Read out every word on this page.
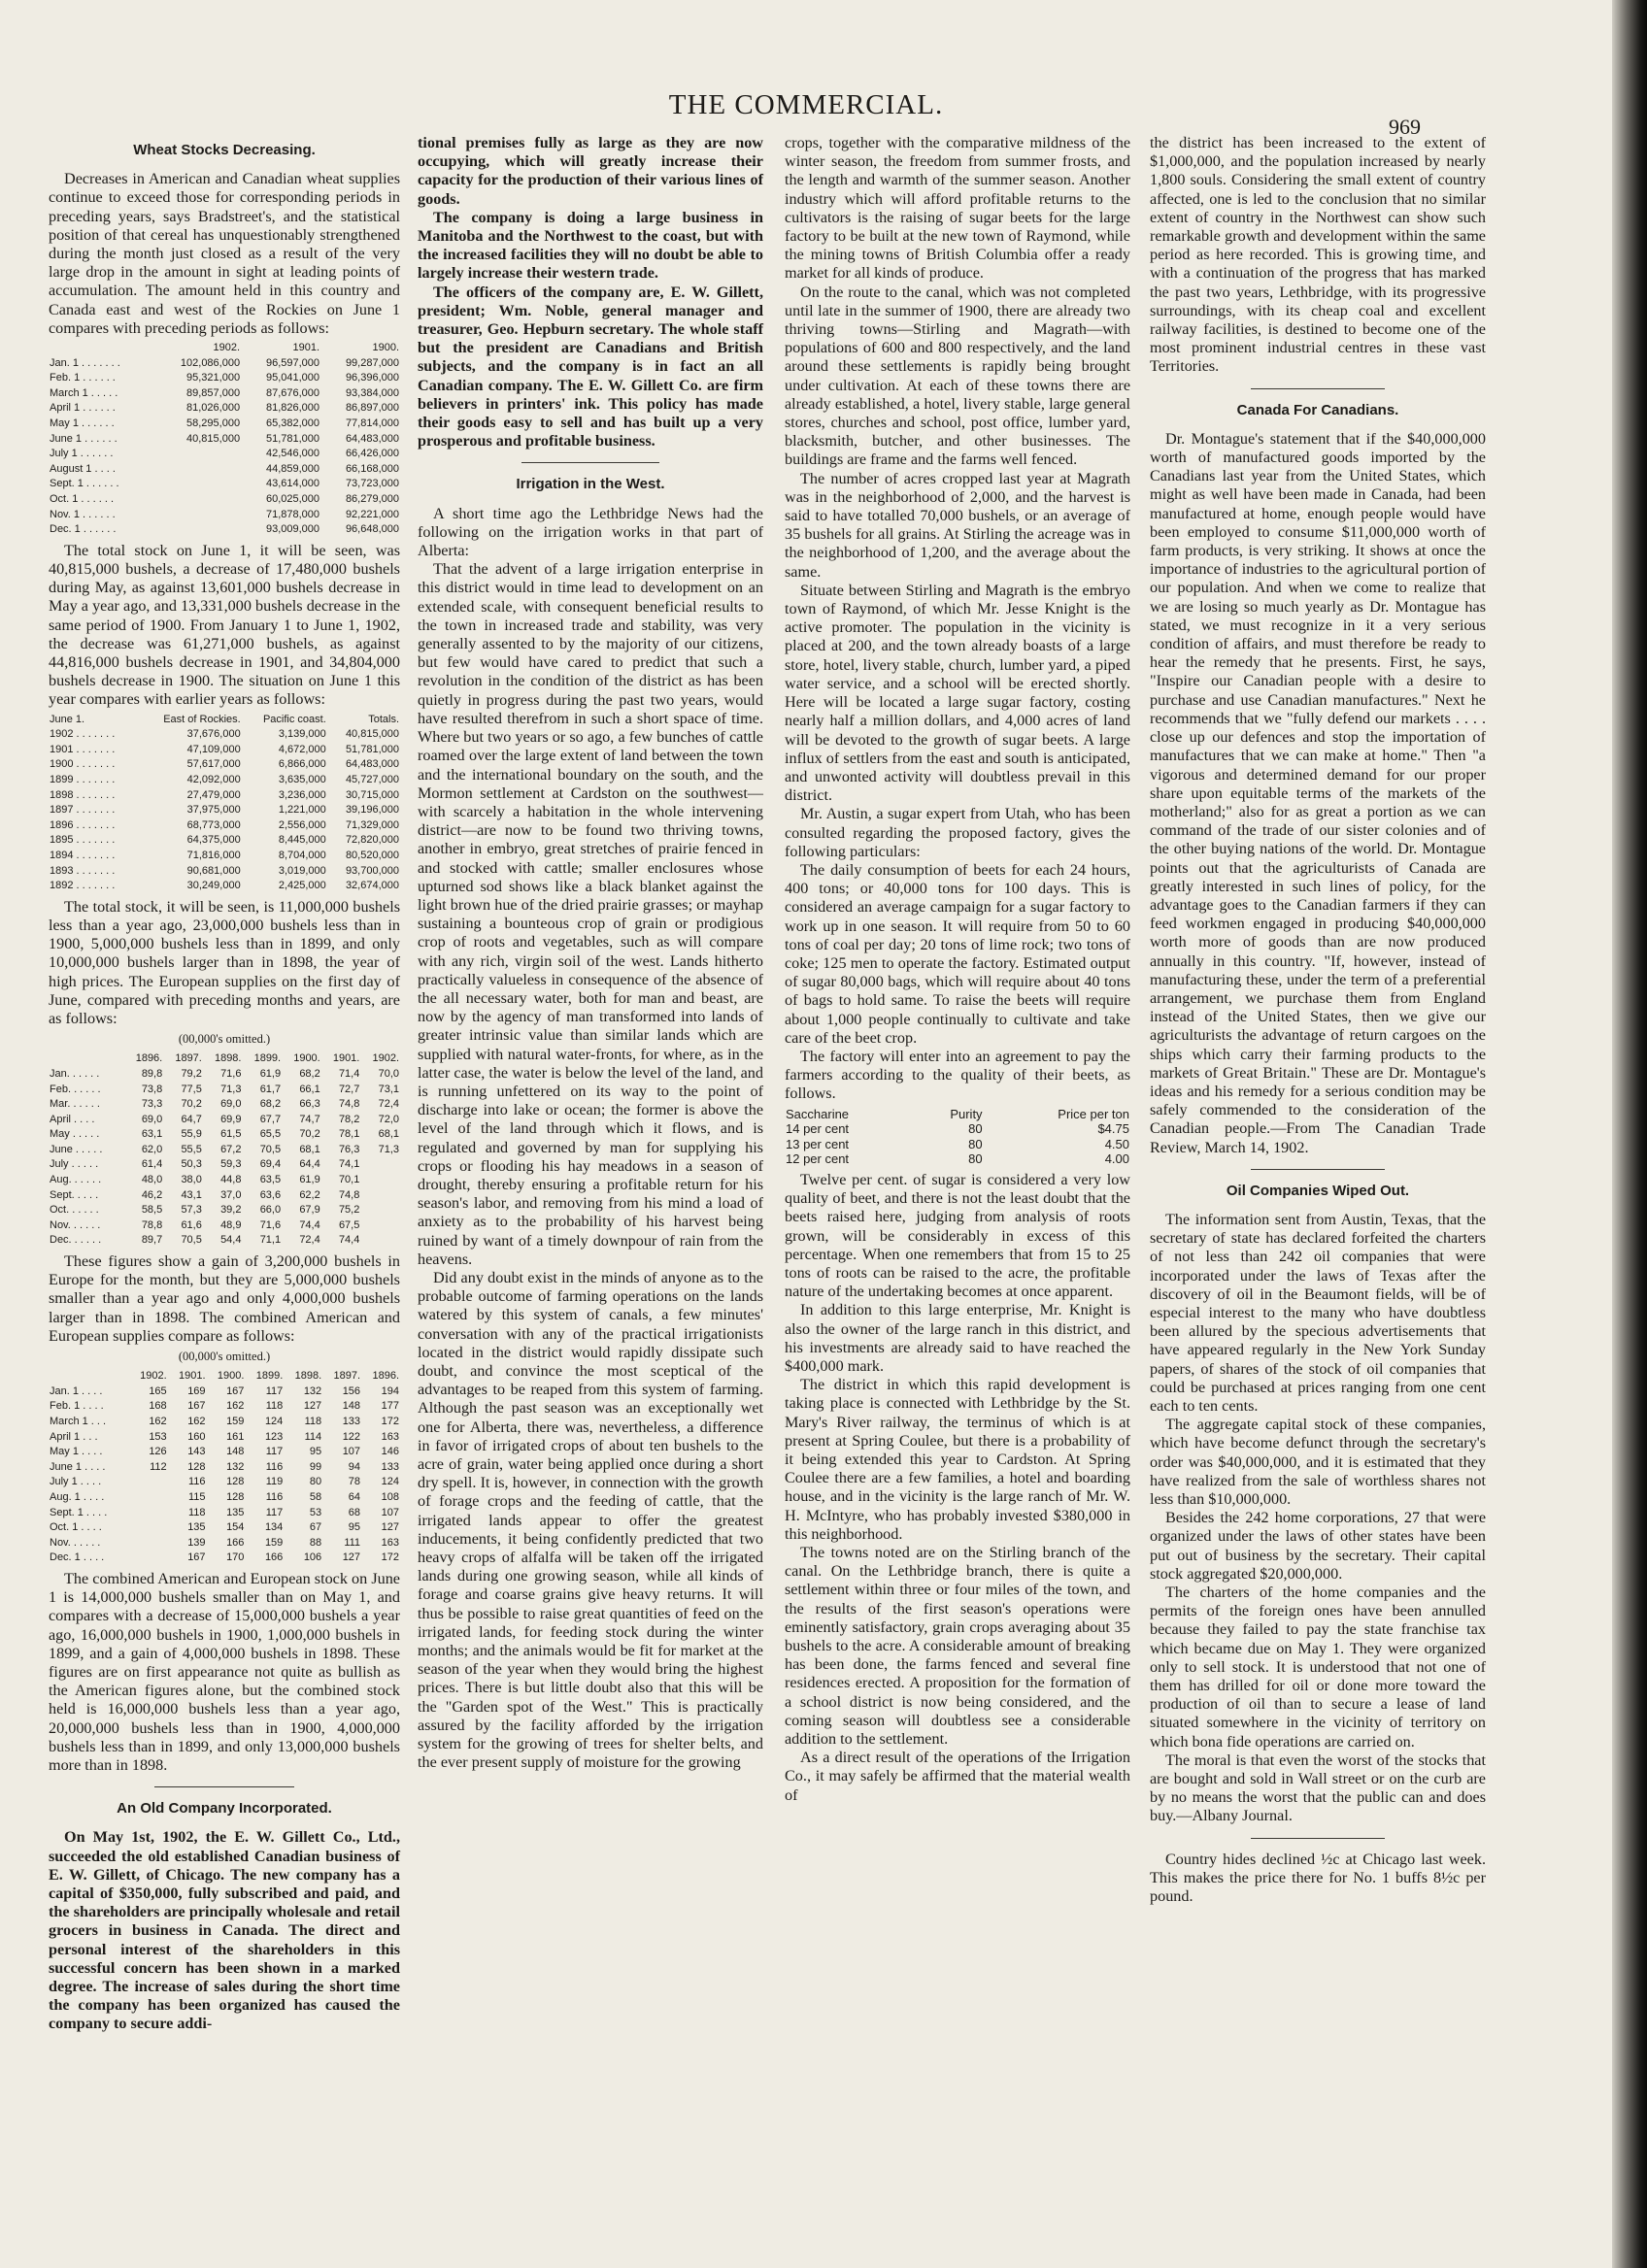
THE COMMERCIAL.
969
Wheat Stocks Decreasing.

Decreases in American and Canadian wheat supplies continue to exceed those for corresponding periods in preceding years, says Bradstreet's, and the statistical position of that cereal has unquestionably strengthened during the month just closed as a result of the very large drop in the amount in sight at leading points of accumulation. The amount held in this country and Canada east and west of the Rockies on June 1 compares with preceding periods as follows:

	1902.	1901.	1900.
Jan. 1 . . . . . . .	102,086,000	96,597,000	99,287,000
Feb. 1 . . . . . .	95,321,000	95,041,000	96,396,000
March 1 . . . . .	89,857,000	87,676,000	93,384,000
April 1 . . . . . .	81,026,000	81,826,000	86,897,000
May 1 . . . . . .	58,295,000	65,382,000	77,814,000
June 1 . . . . . .	40,815,000	51,781,000	64,483,000
July 1 . . . . . .		42,546,000	66,426,000
August 1 . . . .		44,859,000	66,168,000
Sept. 1 . . . . . .		43,614,000	73,723,000
Oct. 1 . . . . . .		60,025,000	86,279,000
Nov. 1 . . . . . .		71,878,000	92,221,000
Dec. 1 . . . . . .		93,009,000	96,648,000

The total stock on June 1, it will be seen, was 40,815,000 bushels, a decrease of 17,480,000 bushels during May, as against 13,601,000 bushels decrease in May a year ago, and 13,331,000 bushels decrease in the same period of 1900. From January 1 to June 1, 1902, the decrease was 61,271,000 bushels, as against 44,816,000 bushels decrease in 1901, and 34,804,000 bushels decrease in 1900. The situation on June 1 this year compares with earlier years as follows:

June 1.	East of Rockies.	Pacific coast.	Totals.
1902 . . . . . . .	37,676,000	3,139,000	40,815,000
1901 . . . . . . .	47,109,000	4,672,000	51,781,000
1900 . . . . . . .	57,617,000	6,866,000	64,483,000
1899 . . . . . . .	42,092,000	3,635,000	45,727,000
1898 . . . . . . .	27,479,000	3,236,000	30,715,000
1897 . . . . . . .	37,975,000	1,221,000	39,196,000
1896 . . . . . . .	68,773,000	2,556,000	71,329,000
1895 . . . . . . .	64,375,000	8,445,000	72,820,000
1894 . . . . . . .	71,816,000	8,704,000	80,520,000
1893 . . . . . . .	90,681,000	3,019,000	93,700,000
1892 . . . . . . .	30,249,000	2,425,000	32,674,000

The total stock, it will be seen, is 11,000,000 bushels less than a year ago, 23,000,000 bushels less than in 1900, 5,000,000 bushels less than in 1899, and only 10,000,000 bushels larger than in 1898, the year of high prices. The European supplies on the first day of June, compared with preceding months and years, are as follows:

(00,000's omitted.)
	1896.	1897.	1898.	1899.	1900.	1901.	1902.
Jan. . . . . .	89,8	79,2	71,6	61,9	68,2	71,4	70,0
Feb. . . . . .	73,8	77,5	71,3	61,7	66,1	72,7	73,1
Mar. . . . . .	73,3	70,2	69,0	68,2	66,3	74,8	72,4
April . . . .	69,0	64,7	69,9	67,7	74,7	78,2	72,0
May . . . . .	63,1	55,9	61,5	65,5	70,2	78,1	68,1
June . . . . .	62,0	55,5	67,2	70,5	68,1	76,3	71,3
July . . . . .	61,4	50,3	59,3	69,4	64,4	74,1	
Aug. . . . . .	48,0	38,0	44,8	63,5	61,9	70,1	
Sept. . . . .	46,2	43,1	37,0	63,6	62,2	74,8	
Oct. . . . . .	58,5	57,3	39,2	66,0	67,9	75,2	
Nov. . . . . .	78,8	61,6	48,9	71,6	74,4	67,5	
Dec. . . . . .	89,7	70,5	54,4	71,1	72,4	74,4	

These figures show a gain of 3,200,000 bushels in Europe for the month, but they are 5,000,000 bushels smaller than a year ago and only 4,000,000 bushels larger than in 1898. The combined American and European supplies compare as follows:

(00,000's omitted.)
	1902.	1901.	1900.	1899.	1898.	1897.	1896.
Jan. 1 . . . .	165	169	167	117	132	156	194
Feb. 1 . . . .	168	167	162	118	127	148	177
March 1 . . .	162	162	159	124	118	133	172
April 1 . . .	153	160	161	123	114	122	163
May 1 . . . .	126	143	148	117	95	107	146
June 1 . . . .	112	128	132	116	99	94	133
July 1 . . . .		116	128	119	80	78	124
Aug. 1 . . . .		115	128	116	58	64	108
Sept. 1 . . . .		118	135	117	53	68	107
Oct. 1 . . . .		135	154	134	67	95	127
Nov. . . . . .		139	166	159	88	111	163
Dec. 1 . . . .		167	170	166	106	127	172

The combined American and European stock on June 1 is 14,000,000 bushels smaller than on May 1, and compares with a decrease of 15,000,000 bushels a year ago, 16,000,000 bushels in 1900, 1,000,000 bushels in 1899, and a gain of 4,000,000 bushels in 1898. These figures are on first appearance not quite as bullish as the American figures alone, but the combined stock held is 16,000,000 bushels less than a year ago, 20,000,000 bushels less than in 1900, 4,000,000 bushels less than in 1899, and only 13,000,000 bushels more than in 1898.

An Old Company Incorporated.

On May 1st, 1902, the E. W. Gillett Co., Ltd., succeeded the old established Canadian business of E. W. Gillett, of Chicago. The new company has a capital of $350,000, fully subscribed and paid, and the shareholders are principally wholesale and retail grocers in business in Canada. The direct and personal interest of the shareholders in this successful concern has been shown in a marked degree. The increase of sales during the short time the company has been organized has caused the company to secure addi-

tional premises fully as large as they are now occupying, which will greatly increase their capacity for the production of their various lines of goods.

The company is doing a large business in Manitoba and the Northwest to the coast, but with the increased facilities they will no doubt be able to largely increase their western trade.

The officers of the company are, E. W. Gillett, president; Wm. Noble, general manager and treasurer, Geo. Hepburn secretary. The whole staff but the president are Canadians and British subjects, and the company is in fact an all Canadian company. The E. W. Gillett Co. are firm believers in printers' ink. This policy has made their goods easy to sell and has built up a very prosperous and profitable business.

Irrigation in the West.

A short time ago the Lethbridge News had the following on the irrigation works in that part of Alberta:

That the advent of a large irrigation enterprise in this district would in time lead to development on an extended scale, with consequent beneficial results to the town in increased trade and stability, was very generally assented to by the majority of our citizens, but few would have cared to predict that such a revolution in the condition of the district as has been quietly in progress during the past two years, would have resulted therefrom in such a short space of time. Where but two years or so ago, a few bunches of cattle roamed over the large extent of land between the town and the international boundary on the south, and the Mormon settlement at Cardston on the southwest—with scarcely a habitation in the whole intervening district—are now to be found two thriving towns, another in embryo, great stretches of prairie fenced in and stocked with cattle; smaller enclosures whose upturned sod shows like a black blanket against the light brown hue of the dried prairie grasses; or mayhap sustaining a bounteous crop of grain or prodigious crop of roots and vegetables, such as will compare with any rich, virgin soil of the west. Lands hitherto practically valueless in consequence of the absence of the all necessary water, both for man and beast, are now by the agency of man transformed into lands of greater intrinsic value than similar lands which are supplied with natural water-fronts, for where, as in the latter case, the water is below the level of the land, and is running unfettered on its way to the point of discharge into lake or ocean; the former is above the level of the land through which it flows, and is regulated and governed by man for supplying his crops or flooding his hay meadows in a season of drought, thereby ensuring a profitable return for his season's labor, and removing from his mind a load of anxiety as to the probability of his harvest being ruined by want of a timely downpour of rain from the heavens.

Did any doubt exist in the minds of anyone as to the probable outcome of farming operations on the lands watered by this system of canals, a few minutes' conversation with any of the practical irrigationists located in the district would rapidly dissipate such doubt, and convince the most sceptical of the advantages to be reaped from this system of farming. Although the past season was an exceptionally wet one for Alberta, there was, nevertheless, a difference in favor of irrigated crops of about ten bushels to the acre of grain, water being applied once during a short dry spell. It is, however, in connection with the growth of forage crops and the feeding of cattle, that the irrigated lands appear to offer the greatest inducements, it being confidently predicted that two heavy crops of alfalfa will be taken off the irrigated lands during one growing season, while all kinds of forage and coarse grains give heavy returns. It will thus be possible to raise great quantities of feed on the irrigated lands, for feeding stock during the winter months; and the animals would be fit for market at the season of the year when they would bring the highest prices. There is but little doubt also that this will be the "Garden spot of the West." This is practically assured by the facility afforded by the irrigation system for the growing of trees for shelter belts, and the ever present supply of moisture for the growing

crops, together with the comparative mildness of the winter season, the freedom from summer frosts, and the length and warmth of the summer season. Another industry which will afford profitable returns to the cultivators is the raising of sugar beets for the large factory to be built at the new town of Raymond, while the mining towns of British Columbia offer a ready market for all kinds of produce.

On the route to the canal, which was not completed until late in the summer of 1900, there are already two thriving towns—Stirling and Magrath—with populations of 600 and 800 respectively, and the land around these settlements is rapidly being brought under cultivation. At each of these towns there are already established, a hotel, livery stable, large general stores, churches and school, post office, lumber yard, blacksmith, butcher, and other businesses. The buildings are frame and the farms well fenced.

The number of acres cropped last year at Magrath was in the neighborhood of 2,000, and the harvest is said to have totalled 70,000 bushels, or an average of 35 bushels for all grains. At Stirling the acreage was in the neighborhood of 1,200, and the average about the same.

Situate between Stirling and Magrath is the embryo town of Raymond, of which Mr. Jesse Knight is the active promoter. The population in the vicinity is placed at 200, and the town already boasts of a large store, hotel, livery stable, church, lumber yard, a piped water service, and a school will be erected shortly. Here will be located a large sugar factory, costing nearly half a million dollars, and 4,000 acres of land will be devoted to the growth of sugar beets. A large influx of settlers from the east and south is anticipated, and unwonted activity will doubtless prevail in this district.

Mr. Austin, a sugar expert from Utah, who has been consulted regarding the proposed factory, gives the following particulars:

The daily consumption of beets for each 24 hours, 400 tons; or 40,000 tons for 100 days. This is considered an average campaign for a sugar factory to work up in one season. It will require from 50 to 60 tons of coal per day; 20 tons of lime rock; two tons of coke; 125 men to operate the factory. Estimated output of sugar 80,000 bags, which will require about 40 tons of bags to hold same. To raise the beets will require about 1,000 people continually to cultivate and take care of the beet crop.

The factory will enter into an agreement to pay the farmers according to the quality of their beets, as follows.

Saccharine	Purity	Price per ton
14 per cent	80	$4.75
13 per cent	80	4.50
12 per cent	80	4.00

Twelve per cent. of sugar is considered a very low quality of beet, and there is not the least doubt that the beets raised here, judging from analysis of roots grown, will be considerably in excess of this percentage. When one remembers that from 15 to 25 tons of roots can be raised to the acre, the profitable nature of the undertaking becomes at once apparent.

In addition to this large enterprise, Mr. Knight is also the owner of the large ranch in this district, and his investments are already said to have reached the $400,000 mark.

The district in which this rapid development is taking place is connected with Lethbridge by the St. Mary's River railway, the terminus of which is at present at Spring Coulee, but there is a probability of it being extended this year to Cardston. At Spring Coulee there are a few families, a hotel and boarding house, and in the vicinity is the large ranch of Mr. W. H. McIntyre, who has probably invested $380,000 in this neighborhood.

The towns noted are on the Stirling branch of the canal. On the Lethbridge branch, there is quite a settlement within three or four miles of the town, and the results of the first season's operations were eminently satisfactory, grain crops averaging about 35 bushels to the acre. A considerable amount of breaking has been done, the farms fenced and several fine residences erected. A proposition for the formation of a school district is now being considered, and the coming season will doubtless see a considerable addition to the settlement.

As a direct result of the operations of the Irrigation Co., it may safely be affirmed that the material wealth of

the district has been increased to the extent of $1,000,000, and the population increased by nearly 1,800 souls. Considering the small extent of country affected, one is led to the conclusion that no similar extent of country in the Northwest can show such remarkable growth and development within the same period as here recorded. This is growing time, and with a continuation of the progress that has marked the past two years, Lethbridge, with its progressive surroundings, with its cheap coal and excellent railway facilities, is destined to become one of the most prominent industrial centres in these vast Territories.

Canada For Canadians.

Dr. Montague's statement that if the $40,000,000 worth of manufactured goods imported by the Canadians last year from the United States, which might as well have been made in Canada, had been manufactured at home, enough people would have been employed to consume $11,000,000 worth of farm products, is very striking. It shows at once the importance of industries to the agricultural portion of our population. And when we come to realize that we are losing so much yearly as Dr. Montague has stated, we must recognize in it a very serious condition of affairs, and must therefore be ready to hear the remedy that he presents. First, he says, "Inspire our Canadian people with a desire to purchase and use Canadian manufactures." Next he recommends that we "fully defend our markets . . . . close up our defences and stop the importation of manufactures that we can make at home." Then "a vigorous and determined demand for our proper share upon equitable terms of the markets of the motherland;" also for as great a portion as we can command of the trade of our sister colonies and of the other buying nations of the world. Dr. Montague points out that the agriculturists of Canada are greatly interested in such lines of policy, for the advantage goes to the Canadian farmers if they can feed workmen engaged in producing $40,000,000 worth more of goods than are now produced annually in this country. "If, however, instead of manufacturing these, under the term of a preferential arrangement, we purchase them from England instead of the United States, then we give our agriculturists the advantage of return cargoes on the ships which carry their farming products to the markets of Great Britain." These are Dr. Montague's ideas and his remedy for a serious condition may be safely commended to the consideration of the Canadian people.—From The Canadian Trade Review, March 14, 1902.

Oil Companies Wiped Out.

The information sent from Austin, Texas, that the secretary of state has declared forfeited the charters of not less than 242 oil companies that were incorporated under the laws of Texas after the discovery of oil in the Beaumont fields, will be of especial interest to the many who have doubtless been allured by the specious advertisements that have appeared regularly in the New York Sunday papers, of shares of the stock of oil companies that could be purchased at prices ranging from one cent each to ten cents.

The aggregate capital stock of these companies, which have become defunct through the secretary's order was $40,000,000, and it is estimated that they have realized from the sale of worthless shares not less than $10,000,000.

Besides the 242 home corporations, 27 that were organized under the laws of other states have been put out of business by the secretary. Their capital stock aggregated $20,000,000.

The charters of the home companies and the permits of the foreign ones have been annulled because they failed to pay the state franchise tax which became due on May 1. They were organized only to sell stock. It is understood that not one of them has drilled for oil or done more toward the production of oil than to secure a lease of land situated somewhere in the vicinity of territory on which bona fide operations are carried on.

The moral is that even the worst of the stocks that are bought and sold in Wall street or on the curb are by no means the worst that the public can and does buy.—Albany Journal.

Country hides declined ½c at Chicago last week. This makes the price there for No. 1 buffs 8½c per pound.
